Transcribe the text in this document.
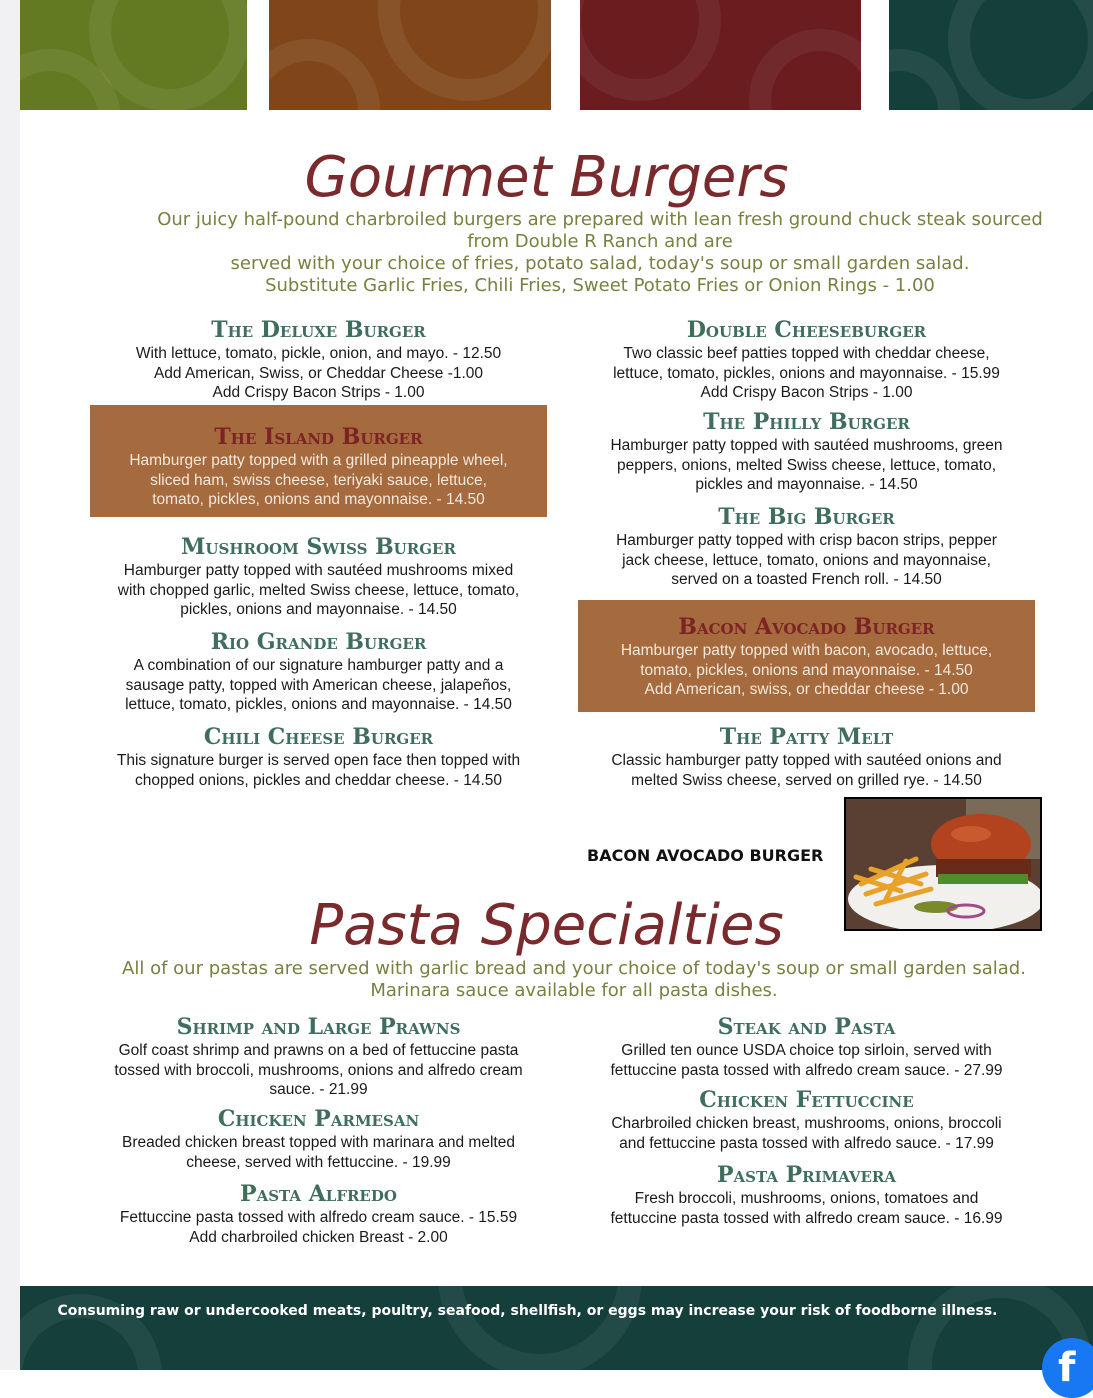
Gourmet Burgers
Our juicy half-pound charbroiled burgers are prepared with lean fresh ground chuck steak sourced
from Double R Ranch and are
served with your choice of fries, potato salad, today's soup or small garden salad.
Substitute Garlic Fries, Chili Fries, Sweet Potato Fries or Onion Rings - 1.00
The Deluxe Burger
With lettuce, tomato, pickle, onion, and mayo. - 12.50
Add American, Swiss, or Cheddar Cheese -1.00
Add Crispy Bacon Strips - 1.00
The Island Burger
Hamburger patty topped with a grilled pineapple wheel,
sliced ham, swiss cheese, teriyaki sauce, lettuce,
tomato, pickles, onions and mayonnaise. - 14.50
Mushroom Swiss Burger
Hamburger patty topped with sautéed mushrooms mixed
with chopped garlic, melted Swiss cheese, lettuce, tomato,
pickles, onions and mayonnaise. - 14.50
Rio Grande Burger
A combination of our signature hamburger patty and a
sausage patty, topped with American cheese, jalapeños,
lettuce, tomato, pickles, onions and mayonnaise. - 14.50
Chili Cheese Burger
This signature burger is served open face then topped with
chopped onions, pickles and cheddar cheese. - 14.50
Double Cheeseburger
Two classic beef patties topped with cheddar cheese,
lettuce, tomato, pickles, onions and mayonnaise. - 15.99
Add Crispy Bacon Strips - 1.00
The Philly Burger
Hamburger patty topped with sautéed mushrooms, green
peppers, onions, melted Swiss cheese, lettuce, tomato,
pickles and mayonnaise. - 14.50
The Big Burger
Hamburger patty topped with crisp bacon strips, pepper
jack cheese, lettuce, tomato, onions and mayonnaise,
served on a toasted French roll. - 14.50
Bacon Avocado Burger
Hamburger patty topped with bacon, avocado, lettuce,
tomato, pickles, onions and mayonnaise. - 14.50
Add American, swiss, or cheddar cheese - 1.00
The Patty Melt
Classic hamburger patty topped with sautéed onions and
melted Swiss cheese, served on grilled rye. - 14.50
BACON AVOCADO BURGER
Pasta Specialties
All of our pastas are served with garlic bread and your choice of today's soup or small garden salad.
Marinara sauce available for all pasta dishes.
Shrimp and Large Prawns
Golf coast shrimp and prawns on a bed of fettuccine pasta
tossed with broccoli, mushrooms, onions and alfredo cream
sauce. - 21.99
Chicken Parmesan
Breaded chicken breast topped with marinara and melted
cheese, served with fettuccine. - 19.99
Pasta Alfredo
Fettuccine pasta tossed with alfredo cream sauce. - 15.59
Add charbroiled chicken Breast - 2.00
Steak and Pasta
Grilled ten ounce USDA choice top sirloin, served with
fettuccine pasta tossed with alfredo cream sauce. - 27.99
Chicken Fettuccine
Charbroiled chicken breast, mushrooms, onions, broccoli
and fettuccine pasta tossed with alfredo sauce. - 17.99
Pasta Primavera
Fresh broccoli, mushrooms, onions, tomatoes and
fettuccine pasta tossed with alfredo cream sauce. - 16.99
Consuming raw or undercooked meats, poultry, seafood, shellfish, or eggs may increase your risk of foodborne illness.
f
